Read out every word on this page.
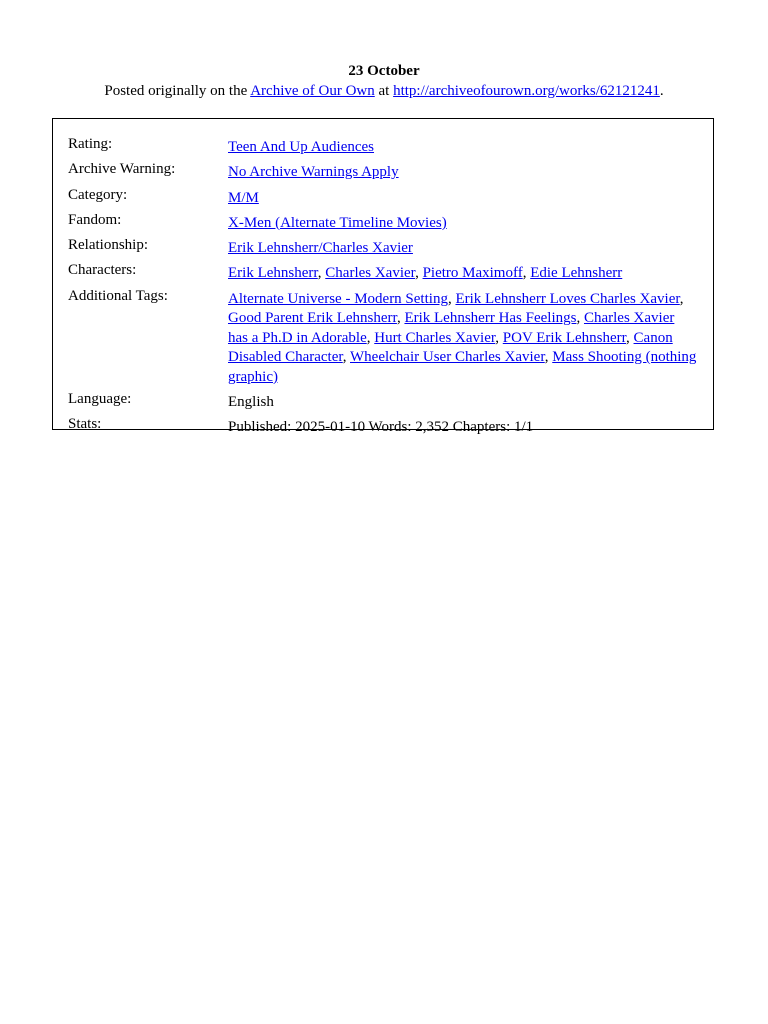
23 October
Posted originally on the Archive of Our Own at http://archiveofourown.org/works/62121241.
Rating:	Teen And Up Audiences
Archive Warning:	No Archive Warnings Apply
Category:	M/M
Fandom:	X-Men (Alternate Timeline Movies)
Relationship:	Erik Lehnsherr/Charles Xavier
Characters:	Erik Lehnsherr, Charles Xavier, Pietro Maximoff, Edie Lehnsherr
Additional Tags:	Alternate Universe - Modern Setting, Erik Lehnsherr Loves Charles Xavier, Good Parent Erik Lehnsherr, Erik Lehnsherr Has Feelings, Charles Xavier has a Ph.D in Adorable, Hurt Charles Xavier, POV Erik Lehnsherr, Canon Disabled Character, Wheelchair User Charles Xavier, Mass Shooting (nothing graphic)
Language:	English
Stats:	Published: 2025-01-10 Words: 2,352 Chapters: 1/1
